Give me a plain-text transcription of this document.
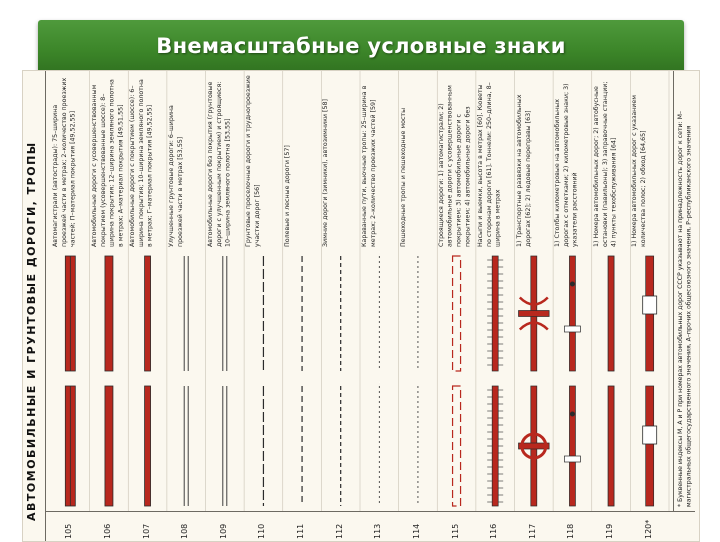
Внемасштабные условные знаки
АВТОМОБИЛЬНЫЕ И ГРУНТОВЫЕ ДОРОГИ, ТРОПЫ	Автомагистрали (автострады): 75–ширина проезжей части в метрах; 2–количество проезжих частей; П–материал покрытия [49,52,55]
105
Автомобильные дороги с усовершенствованным покрытием (усовершенствованные шоссе): 8–ширина покрытия; 12–ширина земляного полотна в метрах; А–материал покрытия [49,51,55]
106
Автомобильные дороги с покрытием (шоссе): 6–ширина покрытия; 10–ширина земляного полотна в метрах; Г–материал покрытия [49,52,55]
107
Улучшенные грунтовые дороги: 6–ширина проезжей части в метрах [53,55]
108
Автомобильные дороги без покрытия (грунтовые дороги с улучшенным покрытием) и строящиеся: 10–ширина земляного полотна [53,55]
109
Грунтовые проселочные дороги и труднопроезжие участки дорог [56]
110
Полевые и лесные дороги [57]
111
Зимние дороги (зимники), автозимники [58]
112
Караванные пути, вьючные тропы: 25–ширина в метрах; 2–количество проезжих частей [59]
113
Пешеходные тропы и пешеходные мосты
114
Строящиеся дороги: 1) автомагистрали; 2) автомобильные дороги с усовершенствованным покрытием; 3) автомобильные дороги с покрытием; 4) автомобильные дороги без
115
Насыпи и выемки, высота в метрах [60]. Кюветы по сторонам дороги [61]. Тоннели: 250–длина, 8–ширина в метрах
116
1) Транспортные развязки на автомобильных дорогах [62]; 2) ледовые переправы [63]
117
1) Столбы километровые на автомобильных дорогах с отметками; 2) километровые знаки; 3) указатели расстояний
118
1) Номера автомобильных дорог; 2) автобусные остановки (павильоны); 3) заправочные станции; 4) пункты техобслуживания [64]
119
1) Номера автомобильных дорог с указанием количества полос; 2) обход [64,65]
120*
* Буквенные индексы М, А и Р при номерах автомобильных дорог СССР указывают на принадлежность дорог к сети: М–магистральных общегосударственного значения, А–прочих общесоюзного значения, Р–республиканского значения
